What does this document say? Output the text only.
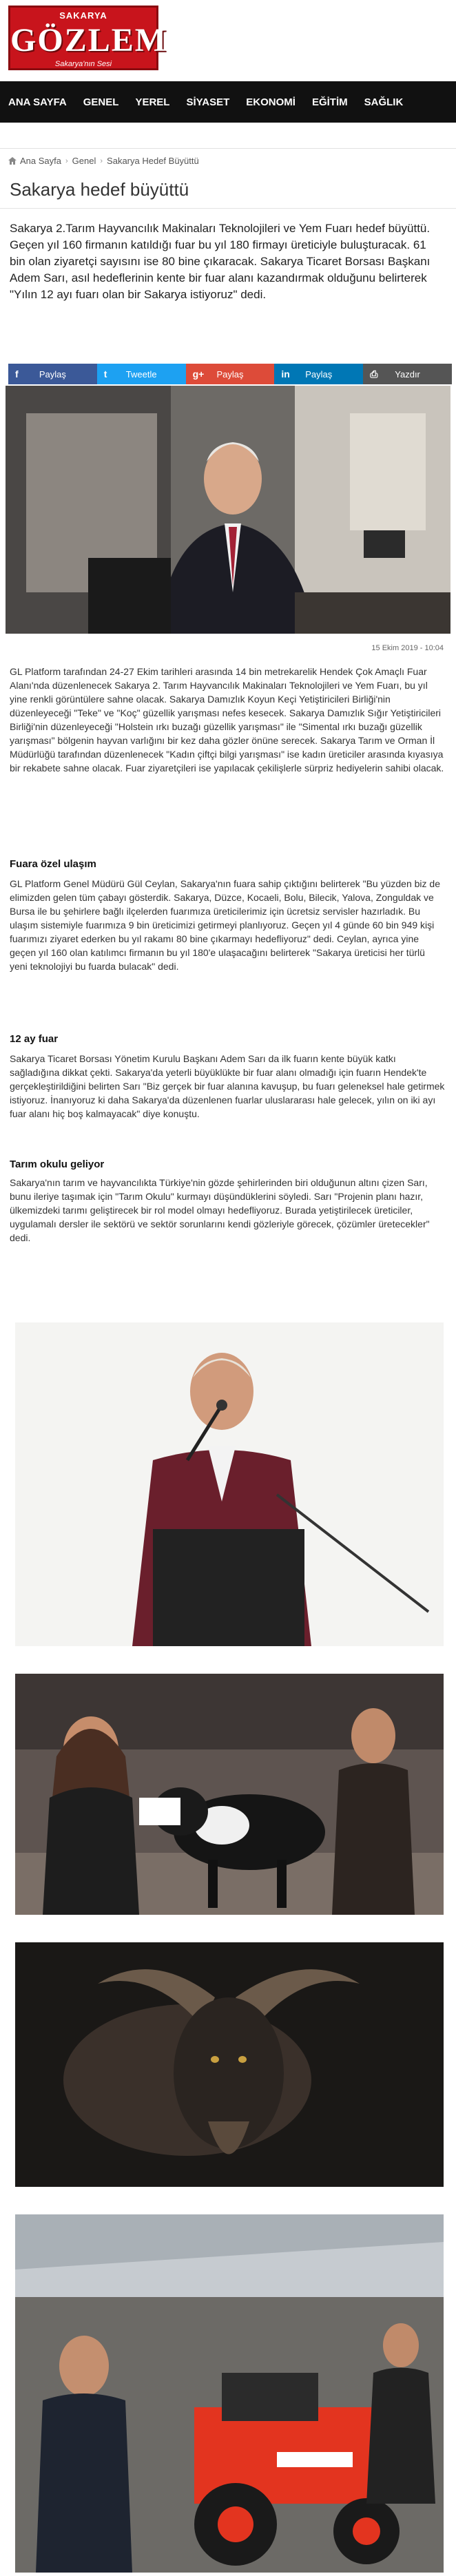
SAKARYA
GÖZLEM
Sakarya'nın Sesi
ANA SAYFA GENEL YEREL SİYASET EKONOMİ EĞİTİM SAĞLIK
Ana Sayfa › Genel › Sakarya Hedef Büyüttü
Sakarya hedef büyüttü

Sakarya 2.Tarım Hayvancılık Makinaları Teknolojileri ve Yem Fuarı hedef büyüttü. Geçen yıl 160 firmanın katıldığı fuar bu yıl 180 firmayı üreticiyle buluşturacak. 61 bin olan ziyaretçi sayısını ise 80 bine çıkaracak. Sakarya Ticaret Borsası Başkanı Adem Sarı, asıl hedeflerinin kente bir fuar alanı kazandırmak olduğunu belirterek "Yılın 12 ayı fuarı olan bir Sakarya istiyoruz" dedi.

f Paylaş	t Tweetle	g+ Paylaş	in Paylaş	⎙ Yazdır
15 Ekim 2019 - 10:04

GL Platform tarafından 24-27 Ekim tarihleri arasında 14 bin metrekarelik Hendek Çok Amaçlı Fuar Alanı'nda düzenlenecek Sakarya 2. Tarım Hayvancılık Makinaları Teknolojileri ve Yem Fuarı, bu yıl yine renkli görüntülere sahne olacak. Sakarya Damızlık Koyun Keçi Yetiştiricileri Birliği'nin düzenleyeceği "Teke" ve "Koç" güzellik yarışması nefes kesecek. Sakarya Damızlık Sığır Yetiştiricileri Birliği'nin düzenleyeceği "Holstein ırkı buzağı güzellik yarışması" ile "Simental ırkı buzağı güzellik yarışması" bölgenin hayvan varlığını bir kez daha gözler önüne serecek. Sakarya Tarım ve Orman İl Müdürlüğü tarafından düzenlenecek "Kadın çiftçi bilgi yarışması" ise kadın üreticiler arasında kıyasıya bir rekabete sahne olacak. Fuar ziyaretçileri ise yapılacak çekilişlerle sürpriz hediyelerin sahibi olacak.

Fuara özel ulaşım

GL Platform Genel Müdürü Gül Ceylan, Sakarya'nın fuara sahip çıktığını belirterek "Bu yüzden biz de elimizden gelen tüm çabayı gösterdik. Sakarya, Düzce, Kocaeli, Bolu, Bilecik, Yalova, Zonguldak ve Bursa ile bu şehirlere bağlı ilçelerden fuarımıza üreticilerimiz için ücretsiz servisler hazırladık. Bu ulaşım sistemiyle fuarımıza 9 bin üreticimizi getirmeyi planlıyoruz. Geçen yıl 4 günde 60 bin 949 kişi fuarımızı ziyaret ederken bu yıl rakamı 80 bine çıkarmayı hedefliyoruz" dedi. Ceylan, ayrıca yine geçen yıl 160 olan katılımcı firmanın bu yıl 180'e ulaşacağını belirterek "Sakarya üreticisi her türlü yeni teknolojiyi bu fuarda bulacak" dedi.

12 ay fuar

Sakarya Ticaret Borsası Yönetim Kurulu Başkanı Adem Sarı da ilk fuarın kente büyük katkı sağladığına dikkat çekti. Sakarya'da yeterli büyüklükte bir fuar alanı olmadığı için fuarın Hendek'te gerçekleştirildiğini belirten Sarı "Biz gerçek bir fuar alanına kavuşup, bu fuarı geleneksel hale getirmek istiyoruz. İnanıyoruz ki daha Sakarya'da düzenlenen fuarlar uluslararası hale gelecek, yılın on iki ayı fuar alanı hiç boş kalmayacak" diye konuştu.

Tarım okulu geliyor

Sakarya'nın tarım ve hayvancılıkta Türkiye'nin gözde şehirlerinden biri olduğunun altını çizen Sarı, bunu ileriye taşımak için "Tarım Okulu" kurmayı düşündüklerini söyledi. Sarı "Projenin planı hazır, ülkemizdeki tarımı geliştirecek bir rol model olmayı hedefliyoruz. Burada yetiştirilecek üreticiler, uygulamalı dersler ile sektörü ve sektör sorunlarını kendi gözleriyle görecek, çözümler üretecekler" dedi.
